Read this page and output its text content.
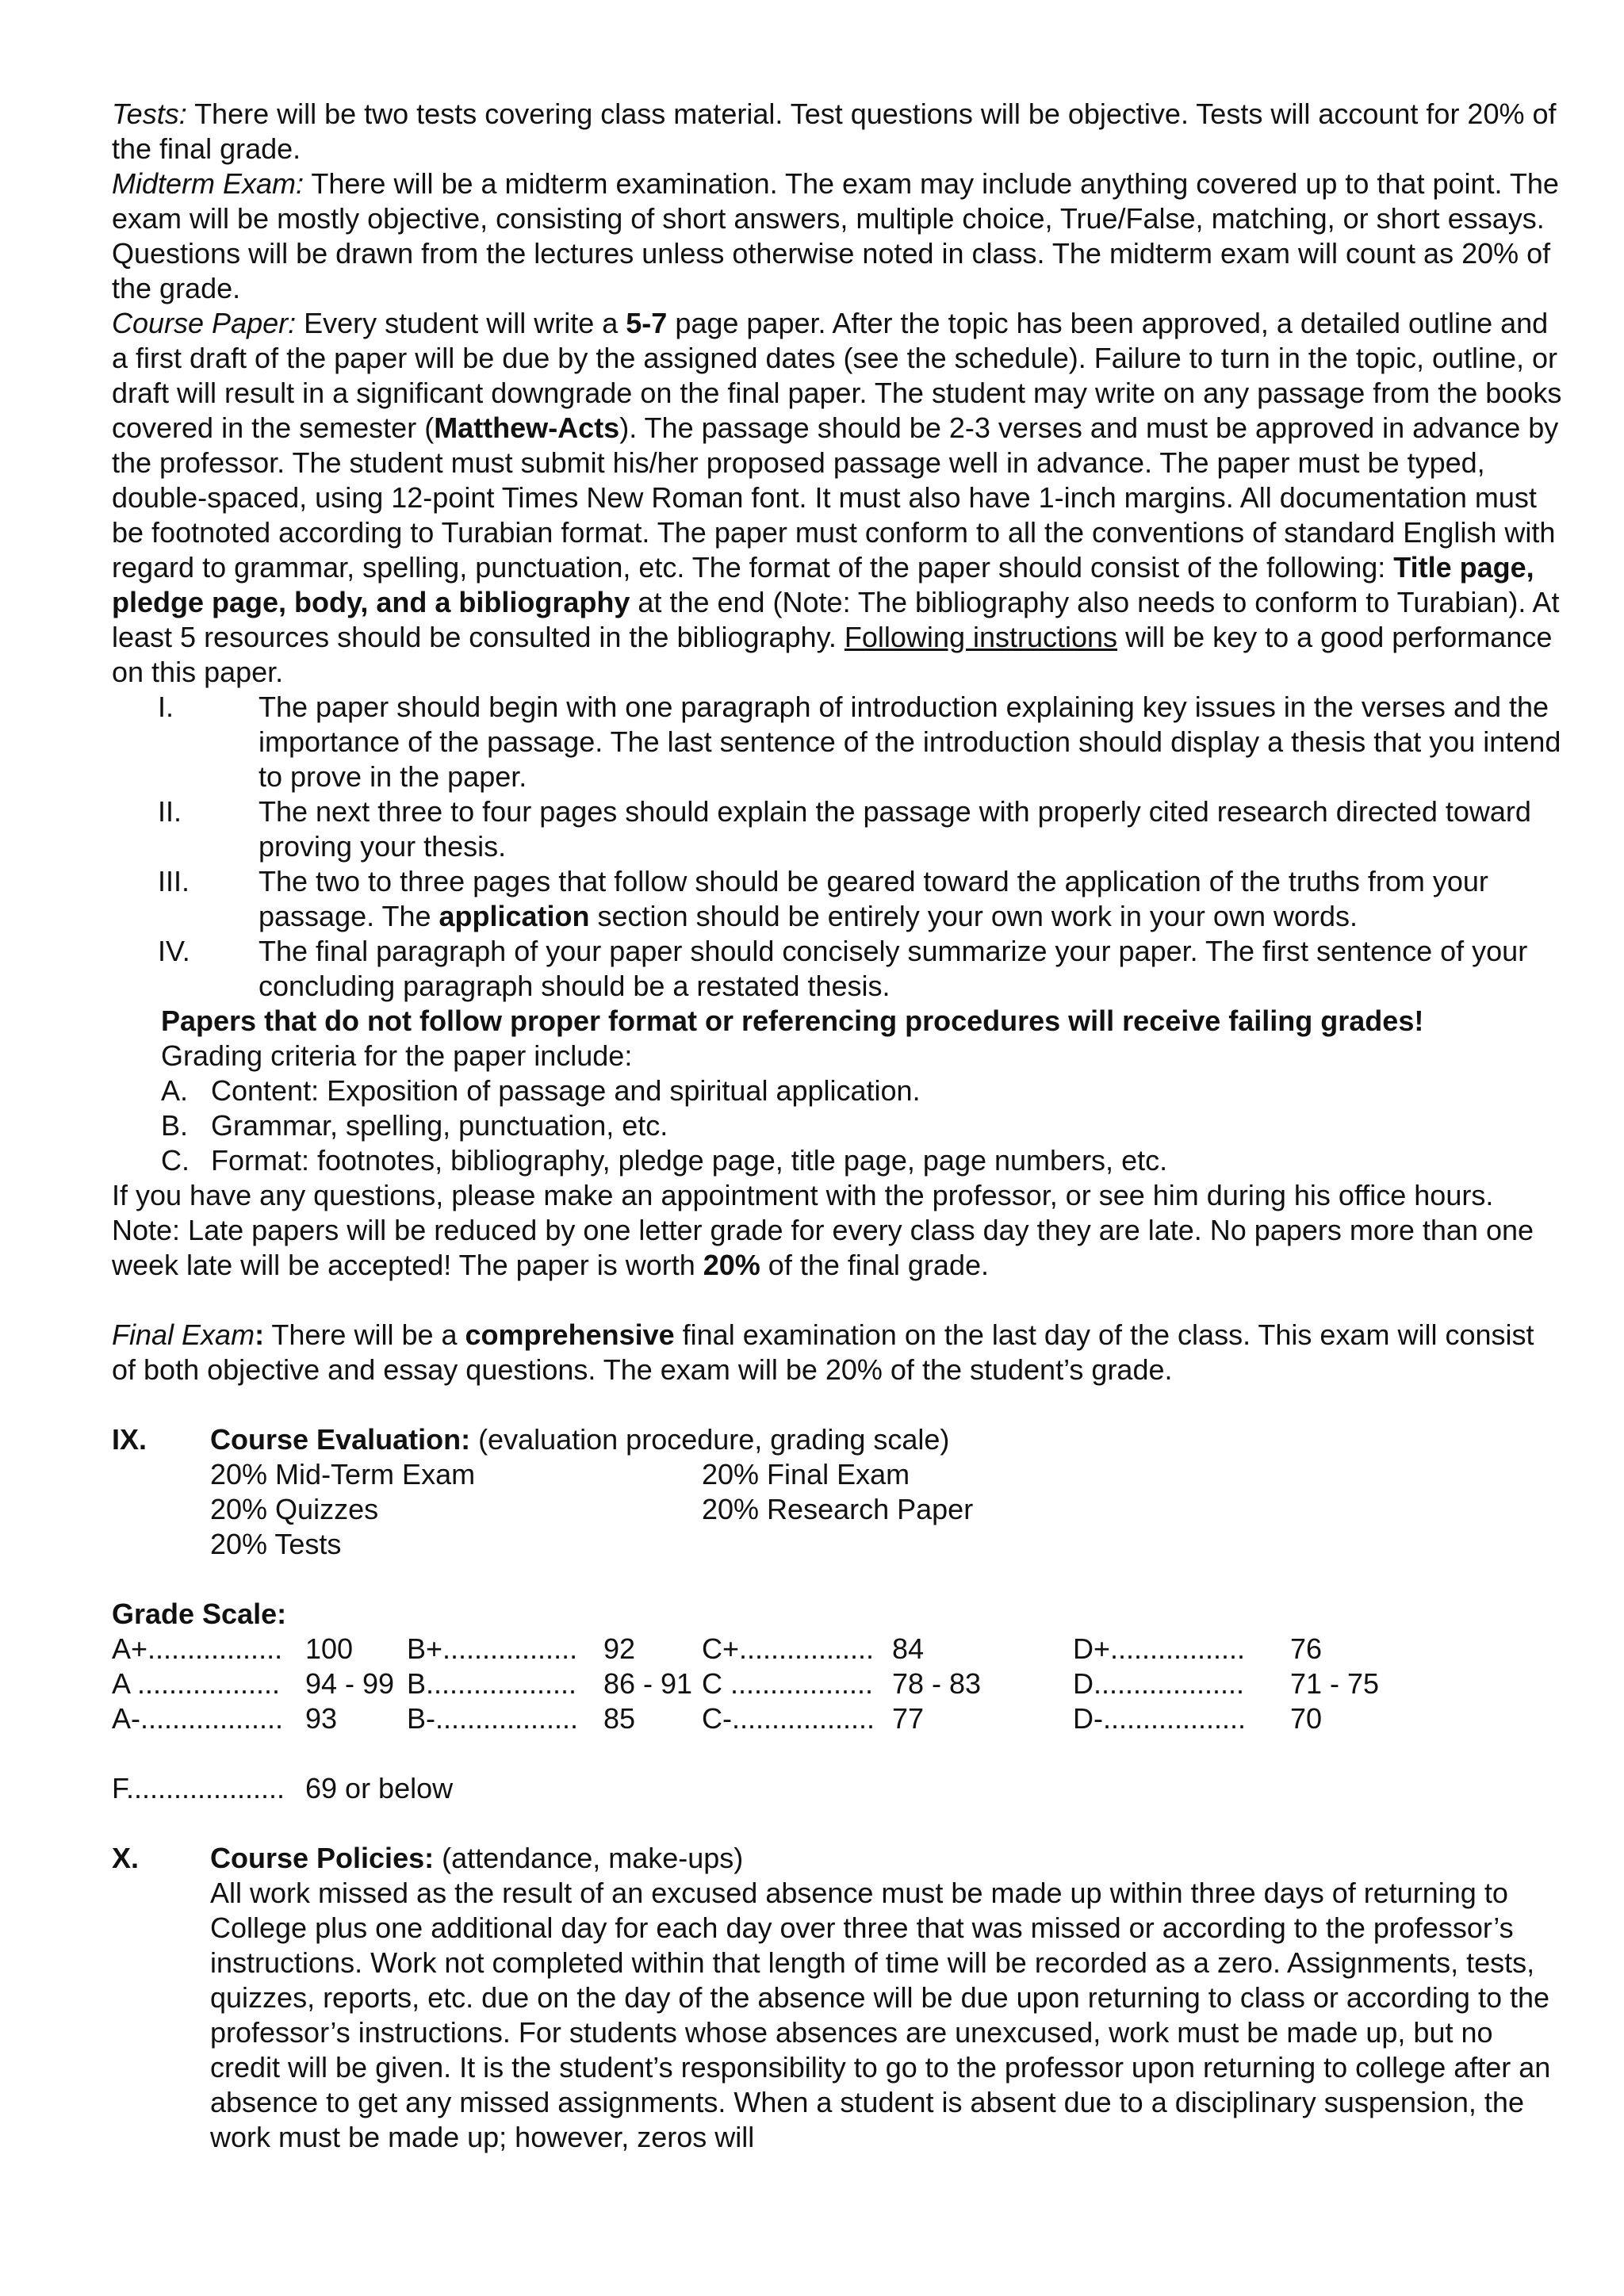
Tests: There will be two tests covering class material. Test questions will be objective. Tests will account for 20% of the final grade.

Midterm Exam: There will be a midterm examination. The exam may include anything covered up to that point. The exam will be mostly objective, consisting of short answers, multiple choice, True/False, matching, or short essays. Questions will be drawn from the lectures unless otherwise noted in class. The midterm exam will count as 20% of the grade.

Course Paper: Every student will write a 5-7 page paper. After the topic has been approved, a detailed outline and a first draft of the paper will be due by the assigned dates (see the schedule). Failure to turn in the topic, outline, or draft will result in a significant downgrade on the final paper. The student may write on any passage from the books covered in the semester (Matthew-Acts). The passage should be 2-3 verses and must be approved in advance by the professor. The student must submit his/her proposed passage well in advance. The paper must be typed, double-spaced, using 12-point Times New Roman font. It must also have 1-inch margins. All documentation must be footnoted according to Turabian format. The paper must conform to all the conventions of standard English with regard to grammar, spelling, punctuation, etc. The format of the paper should consist of the following: Title page, pledge page, body, and a bibliography at the end (Note: The bibliography also needs to conform to Turabian). At least 5 resources should be consulted in the bibliography. Following instructions will be key to a good performance on this paper.

I.	The paper should begin with one paragraph of introduction explaining key issues in the verses and the importance of the passage. The last sentence of the introduction should display a thesis that you intend to prove in the paper.
II.	The next three to four pages should explain the passage with properly cited research directed toward proving your thesis.
III. The two to three pages that follow should be geared toward the application of the truths from your passage. The application section should be entirely your own work in your own words.
IV. The final paragraph of your paper should concisely summarize your paper. The first sentence of your concluding paragraph should be a restated thesis.
Papers that do not follow proper format or referencing procedures will receive failing grades!
Grading criteria for the paper include:
A. Content: Exposition of passage and spiritual application.
B. Grammar, spelling, punctuation, etc.
C. Format: footnotes, bibliography, pledge page, title page, page numbers, etc.

If you have any questions, please make an appointment with the professor, or see him during his office hours. Note: Late papers will be reduced by one letter grade for every class day they are late. No papers more than one week late will be accepted! The paper is worth 20% of the final grade.

Final Exam: There will be a comprehensive final examination on the last day of the class. This exam will consist of both objective and essay questions. The exam will be 20% of the student’s grade.

IX. Course Evaluation: (evaluation procedure, grading scale)
20% Mid-Term Exam	20% Final Exam
20% Quizzes	20% Research Paper
20% Tests
Grade Scale:
A+................. 100 B+................. 92 C+................. 84	D+.................	76
A .................. 94 - 99 B................... 86 - 91 C .................. 78 - 83	D...................	71 - 75
A-.................. 93 B-.................. 85 C-.................. 77	D-..................	70
F.................... 69 or below
X. Course Policies: (attendance, make-ups)
All work missed as the result of an excused absence must be made up within three days of returning to College plus one additional day for each day over three that was missed or according to the professor’s instructions. Work not completed within that length of time will be recorded as a zero. Assignments, tests, quizzes, reports, etc. due on the day of the absence will be due upon returning to class or according to the professor’s instructions. For students whose absences are unexcused, work must be made up, but no credit will be given. It is the student’s responsibility to go to the professor upon returning to college after an absence to get any missed assignments. When a student is absent due to a disciplinary suspension, the work must be made up; however, zeros will
